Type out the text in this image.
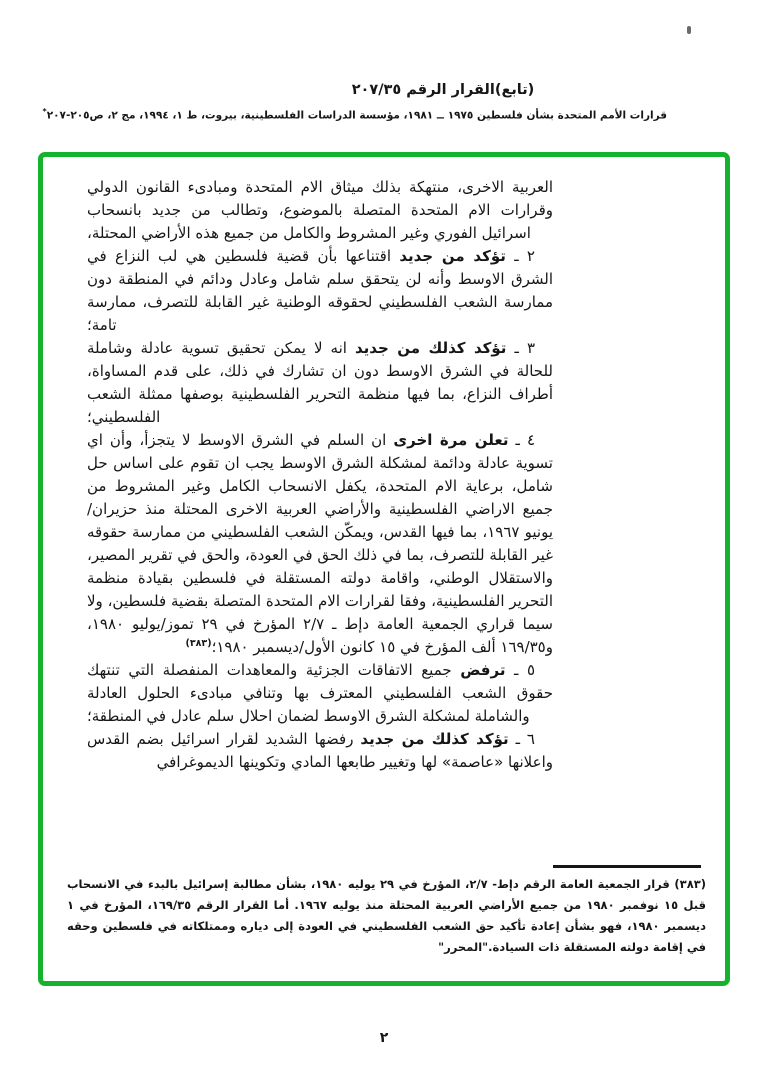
(تابع)القرار الرقم ٢٠٧/٣٥
قرارات الأمم المتحدة بشأن فلسطين ١٩٧٥ ــ ١٩٨١، مؤسسة الدراسات الفلسطينية، بيروت، ط ١، ١٩٩٤، مج ٢، ص٢٠٥-٢٠٧*

العربية الاخرى، منتهكة بذلك ميثاق الام المتحدة ومبادىء القانون الدولي وقرارات الام المتحدة المتصلة بالموضوع، وتطالب من جديد بانسحاب اسرائيل الفوري وغير المشروط والكامل من جميع هذه الأراضي المحتلة،

٢ ـ تؤكد من جديد اقتناعها بأن قضية فلسطين هي لب النزاع في الشرق الاوسط وأنه لن يتحقق سلم شامل وعادل ودائم في المنطقة دون ممارسة الشعب الفلسطيني لحقوقه الوطنية غير القابلة للتصرف، ممارسة تامة؛

٣ ـ تؤكد كذلك من جديد انه لا يمكن تحقيق تسوية عادلة وشاملة للحالة في الشرق الاوسط دون ان تشارك في ذلك، على قدم المساواة، أطراف النزاع، بما فيها منظمة التحرير الفلسطينية بوصفها ممثلة الشعب الفلسطيني؛

٤ ـ تعلن مرة اخرى ان السلم في الشرق الاوسط لا يتجزأ، وأن اي تسوية عادلة ودائمة لمشكلة الشرق الاوسط يجب ان تقوم على اساس حل شامل، برعاية الام المتحدة، يكفل الانسحاب الكامل وغير المشروط من جميع الاراضي الفلسطينية والأراضي العربية الاخرى المحتلة منذ حزيران/يونيو ١٩٦٧، بما فيها القدس، ويمكّن الشعب الفلسطيني من ممارسة حقوقه غير القابلة للتصرف، بما في ذلك الحق في العودة، والحق في تقرير المصير، والاستقلال الوطني، واقامة دولته المستقلة في فلسطين بقيادة منظمة التحرير الفلسطينية، وفقا لقرارات الام المتحدة المتصلة بقضية فلسطين، ولا سيما قراري الجمعية العامة دإط ـ ٢/٧ المؤرخ في ٢٩ تموز/يوليو ١٩٨٠، و١٦٩/٣٥ ألف المؤرخ في ١٥ كانون الأول/ديسمبر ١٩٨٠؛$^{(٣٨٣)}$

٥ ـ ترفض جميع الاتفاقات الجزئية والمعاهدات المنفصلة التي تنتهك حقوق الشعب الفلسطيني المعترف بها وتنافي مبادىء الحلول العادلة والشاملة لمشكلة الشرق الاوسط لضمان احلال سلم عادل في المنطقة؛

٦ ـ تؤكد كذلك من جديد رفضها الشديد لقرار اسرائيل بضم القدس واعلانها «عاصمة» لها وتغيير طابعها المادي وتكوينها الديموغرافي

(٣٨٣) قرار الجمعية العامة الرقم دإط- ٢/٧، المؤرخ في ٢٩ يوليه ١٩٨٠، بشأن مطالبة إسرائيل بالبدء في الانسحاب قبل ١٥ نوفمبر ١٩٨٠ من جميع الأراضي العربية المحتلة منذ يوليه ١٩٦٧. أما القرار الرقم ١٦٩/٣٥، المؤرخ في ١ ديسمبر ١٩٨٠، فهو بشأن إعادة تأكيد حق الشعب الفلسطيني في العودة إلى دياره وممتلكاته في فلسطين وحقه في إقامة دولته المستقلة ذات السيادة."المحرر"
٢
